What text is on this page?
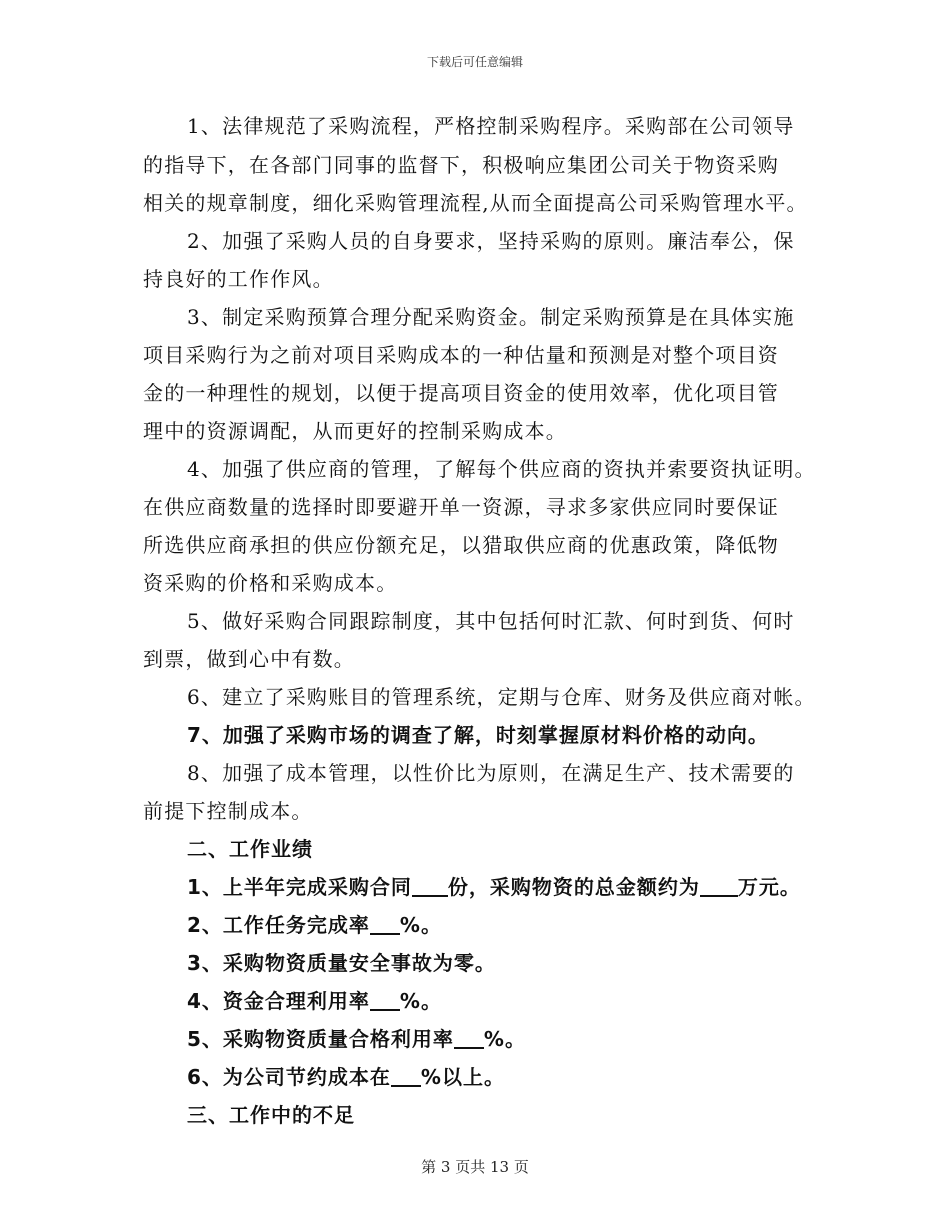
下载后可任意编辑
1、法律规范了采购流程，严格控制采购程序。采购部在公司领导
的指导下，在各部门同事的监督下，积极响应集团公司关于物资采购
相关的规章制度，细化采购管理流程,从而全面提高公司采购管理水平。
2、加强了采购人员的自身要求，坚持采购的原则。廉洁奉公，保
持良好的工作作风。
3、制定采购预算合理分配采购资金。制定采购预算是在具体实施
项目采购行为之前对项目采购成本的一种估量和预测是对整个项目资
金的一种理性的规划，以便于提高项目资金的使用效率，优化项目管
理中的资源调配，从而更好的控制采购成本。
4、加强了供应商的管理，了解每个供应商的资执并索要资执证明。
在供应商数量的选择时即要避开单一资源，寻求多家供应同时要保证
所选供应商承担的供应份额充足，以猎取供应商的优惠政策，降低物
资采购的价格和采购成本。
5、做好采购合同跟踪制度，其中包括何时汇款、何时到货、何时
到票，做到心中有数。
6、建立了采购账目的管理系统，定期与仓库、财务及供应商对帐。
7、加强了采购市场的调查了解，时刻掌握原材料价格的动向。
8、加强了成本管理，以性价比为原则，在满足生产、技术需要的
前提下控制成本。
二、工作业绩
1、上半年完成采购合同 份，采购物资的总金额约为 万元。
2、工作任务完成率 %。
3、采购物资质量安全事故为零。
4、资金合理利用率 %。
5、采购物资质量合格利用率 %。
6、为公司节约成本在 %以上。
三、工作中的不足
第 3 页共 13 页
